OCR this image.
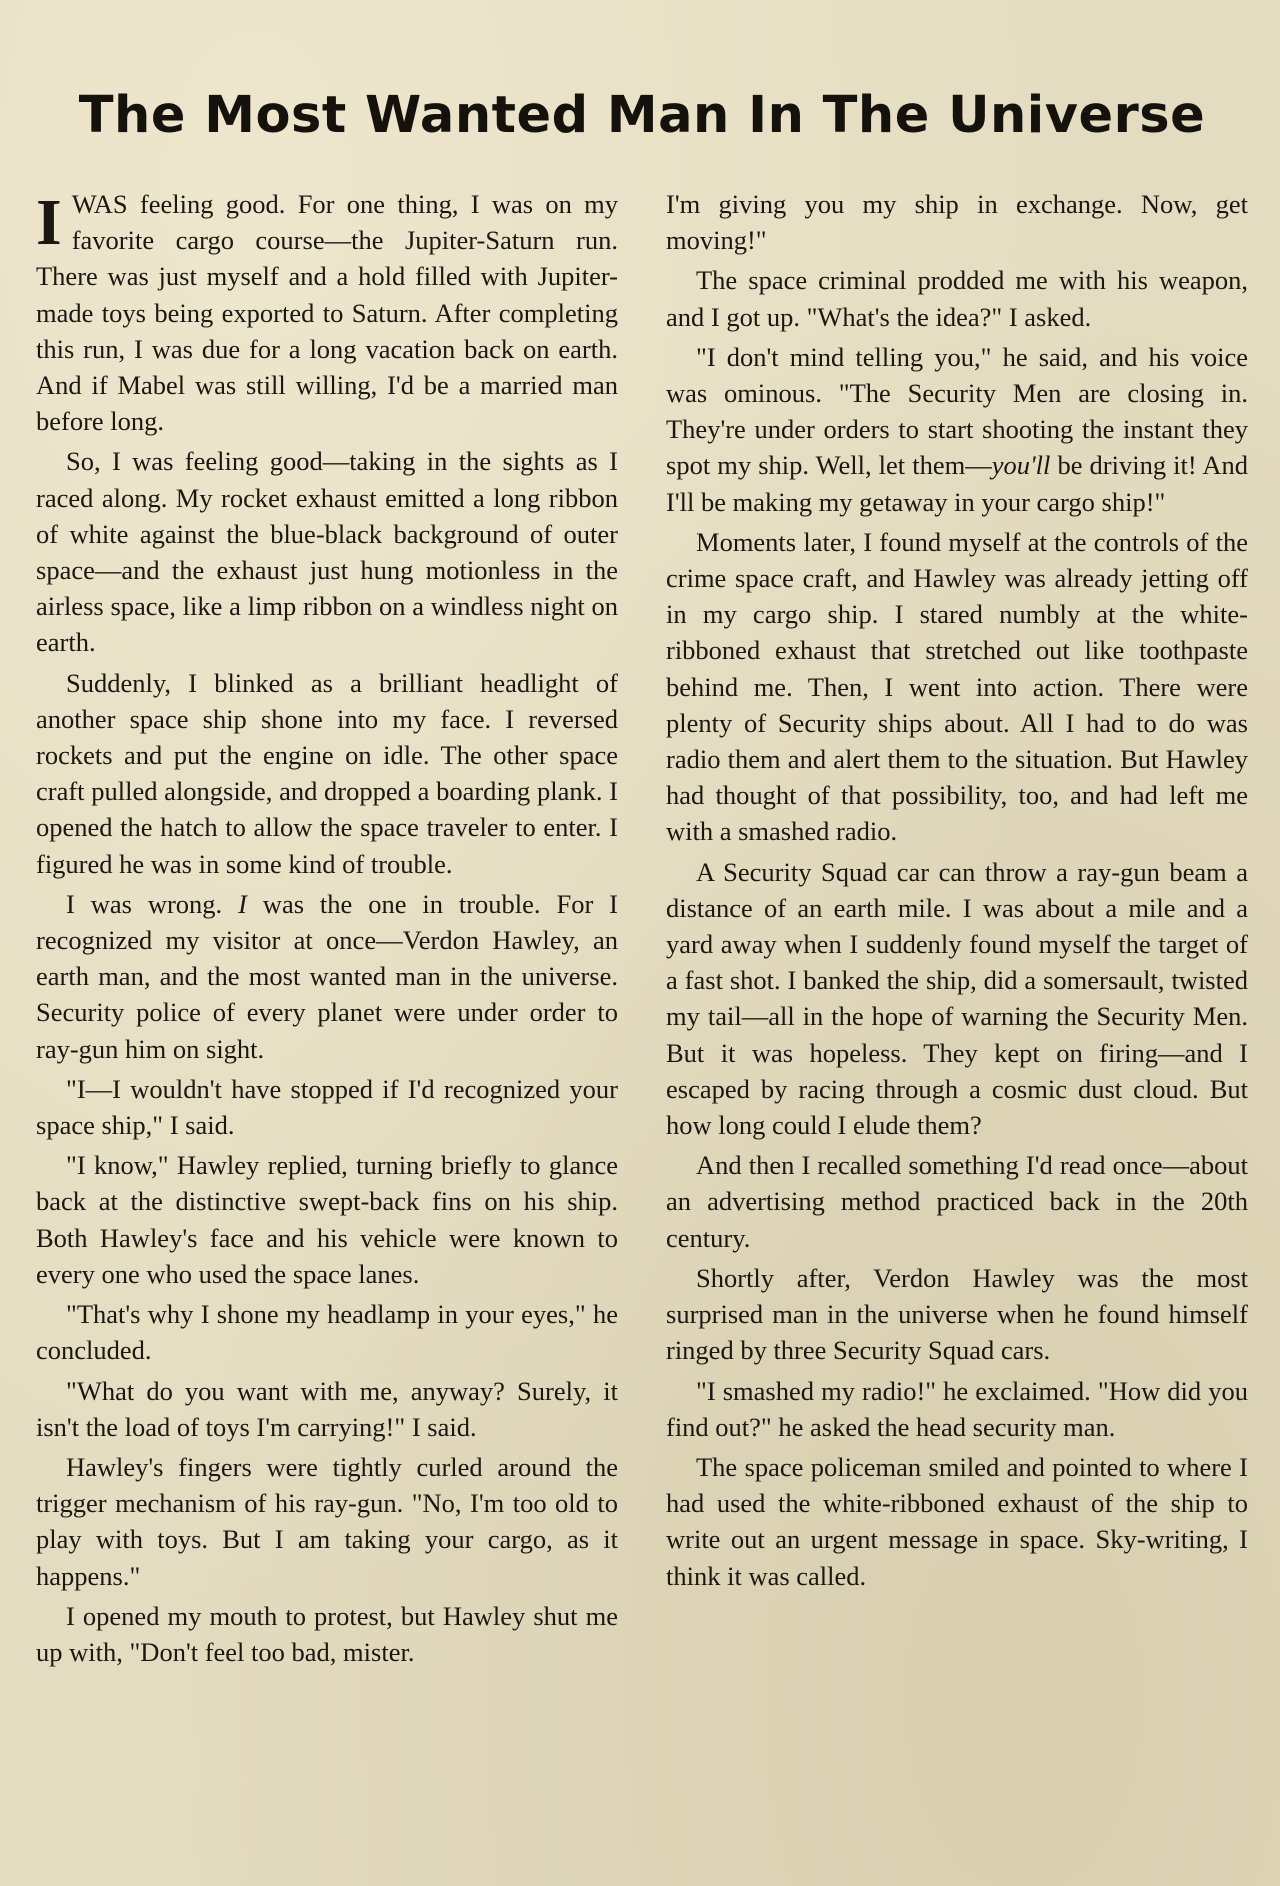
The Most Wanted Man In The Universe

IWAS feeling good. For one thing, I was on my favorite cargo course—the Jupiter-Saturn run. There was just myself and a hold filled with Jupiter-made toys being exported to Saturn. After completing this run, I was due for a long vacation back on earth. And if Mabel was still willing, I'd be a married man before long.

So, I was feeling good—taking in the sights as I raced along. My rocket exhaust emitted a long ribbon of white against the blue-black background of outer space—and the exhaust just hung motionless in the airless space, like a limp ribbon on a windless night on earth.

Suddenly, I blinked as a brilliant headlight of another space ship shone into my face. I reversed rockets and put the engine on idle. The other space craft pulled alongside, and dropped a boarding plank. I opened the hatch to allow the space traveler to enter. I figured he was in some kind of trouble.

I was wrong. I was the one in trouble. For I recognized my visitor at once—Verdon Hawley, an earth man, and the most wanted man in the universe. Security police of every planet were under order to ray-gun him on sight.

"I—I wouldn't have stopped if I'd recognized your space ship," I said.

"I know," Hawley replied, turning briefly to glance back at the distinctive swept-back fins on his ship. Both Hawley's face and his vehicle were known to every one who used the space lanes.

"That's why I shone my headlamp in your eyes," he concluded.

"What do you want with me, anyway? Surely, it isn't the load of toys I'm carrying!" I said.

Hawley's fingers were tightly curled around the trigger mechanism of his ray-gun. "No, I'm too old to play with toys. But I am taking your cargo, as it happens."

I opened my mouth to protest, but Hawley shut me up with, "Don't feel too bad, mister.

I'm giving you my ship in exchange. Now, get moving!"

The space criminal prodded me with his weapon, and I got up. "What's the idea?" I asked.

"I don't mind telling you," he said, and his voice was ominous. "The Security Men are closing in. They're under orders to start shooting the instant they spot my ship. Well, let them—you'll be driving it! And I'll be making my getaway in your cargo ship!"

Moments later, I found myself at the controls of the crime space craft, and Hawley was already jetting off in my cargo ship. I stared numbly at the white-ribboned exhaust that stretched out like toothpaste behind me. Then, I went into action. There were plenty of Security ships about. All I had to do was radio them and alert them to the situation. But Hawley had thought of that possibility, too, and had left me with a smashed radio.

A Security Squad car can throw a ray-gun beam a distance of an earth mile. I was about a mile and a yard away when I suddenly found myself the target of a fast shot. I banked the ship, did a somersault, twisted my tail—all in the hope of warning the Security Men. But it was hopeless. They kept on firing—and I escaped by racing through a cosmic dust cloud. But how long could I elude them?

And then I recalled something I'd read once—about an advertising method practiced back in the 20th century.

Shortly after, Verdon Hawley was the most surprised man in the universe when he found himself ringed by three Security Squad cars.

"I smashed my radio!" he exclaimed. "How did you find out?" he asked the head security man.

The space policeman smiled and pointed to where I had used the white-ribboned exhaust of the ship to write out an urgent message in space. Sky-writing, I think it was called.
